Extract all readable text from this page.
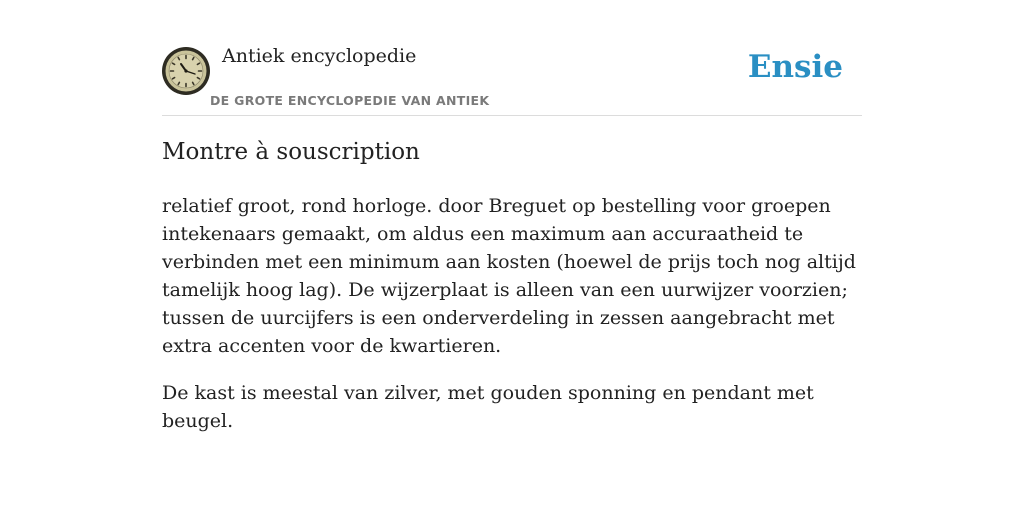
Antiek encyclopedie
DE GROTE ENCYCLOPEDIE VAN ANTIEK
Ensie
Montre à souscription

relatief groot, rond horloge. door Breguet op bestelling voor groepen intekenaars gemaakt, om aldus een maximum aan accuraatheid te verbinden met een minimum aan kosten (hoewel de prijs toch nog altijd tamelijk hoog lag). De wijzerplaat is alleen van een uurwijzer voorzien; tussen de uurcijfers is een onderverdeling in zessen aangebracht met extra accenten voor de kwartieren.

De kast is meestal van zilver, met gouden sponning en pendant met beugel.
